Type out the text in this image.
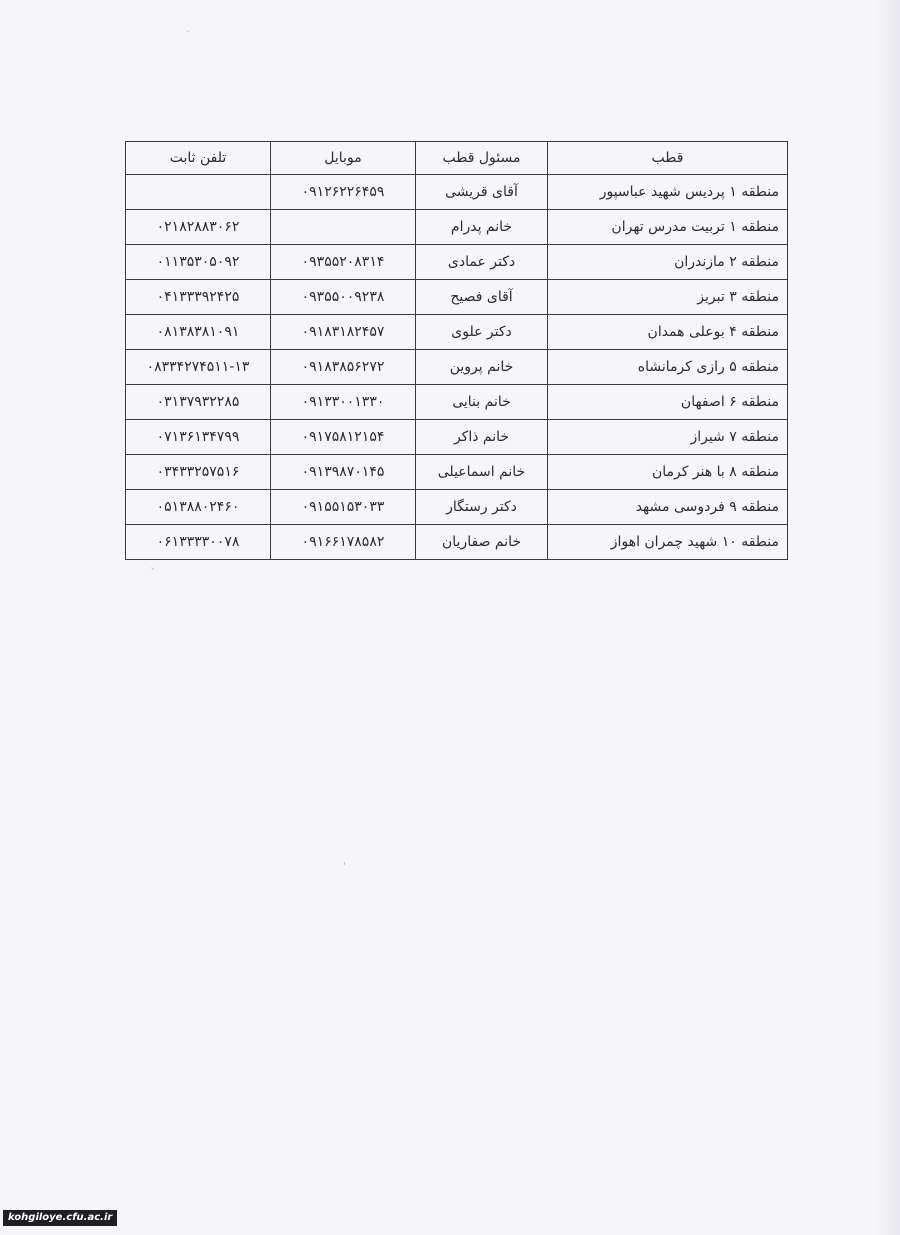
-
ˇ
'
قطب	مسئول قطب	موبایل	تلفن ثابت
منطقه ۱ پردیس شهید عباسپور	آقای قریشی	۰۹۱۲۶۲۲۶۴۵۹	
منطقه ۱ تربیت مدرس تهران	خانم پدرام		۰۲۱۸۲۸۸۳۰۶۲
منطقه ۲ مازندران	دکتر عمادی	۰۹۳۵۵۲۰۸۳۱۴	۰۱۱۳۵۳۰۵۰۹۲
منطقه ۳ تبریز	آقای فصیح	۰۹۳۵۵۰۰۹۲۳۸	۰۴۱۳۳۳۹۲۴۲۵
منطقه ۴ بوعلی همدان	دکتر علوی	۰۹۱۸۳۱۸۲۴۵۷	۰۸۱۳۸۳۸۱۰۹۱
منطقه ۵ رازی کرمانشاه	خانم پروین	۰۹۱۸۳۸۵۶۲۷۲	۰۸۳۳۴۲۷۴۵۱۱-۱۳
منطقه ۶ اصفهان	خانم بنایی	۰۹۱۳۳۰۰۱۳۳۰	۰۳۱۳۷۹۳۲۲۸۵
منطقه ۷ شیراز	خانم ذاکر	۰۹۱۷۵۸۱۲۱۵۴	۰۷۱۳۶۱۳۴۷۹۹
منطقه ۸ با هنر کرمان	خانم اسماعیلی	۰۹۱۳۹۸۷۰۱۴۵	۰۳۴۳۳۲۵۷۵۱۶
منطقه ۹ فردوسی مشهد	دکتر رستگار	۰۹۱۵۵۱۵۳۰۳۳	۰۵۱۳۸۸۰۲۴۶۰
منطقه ۱۰ شهید چمران اهواز	خانم صفاریان	۰۹۱۶۶۱۷۸۵۸۲	۰۶۱۳۳۳۳۰۰۷۸
kohgiloye.cfu.ac.ir
